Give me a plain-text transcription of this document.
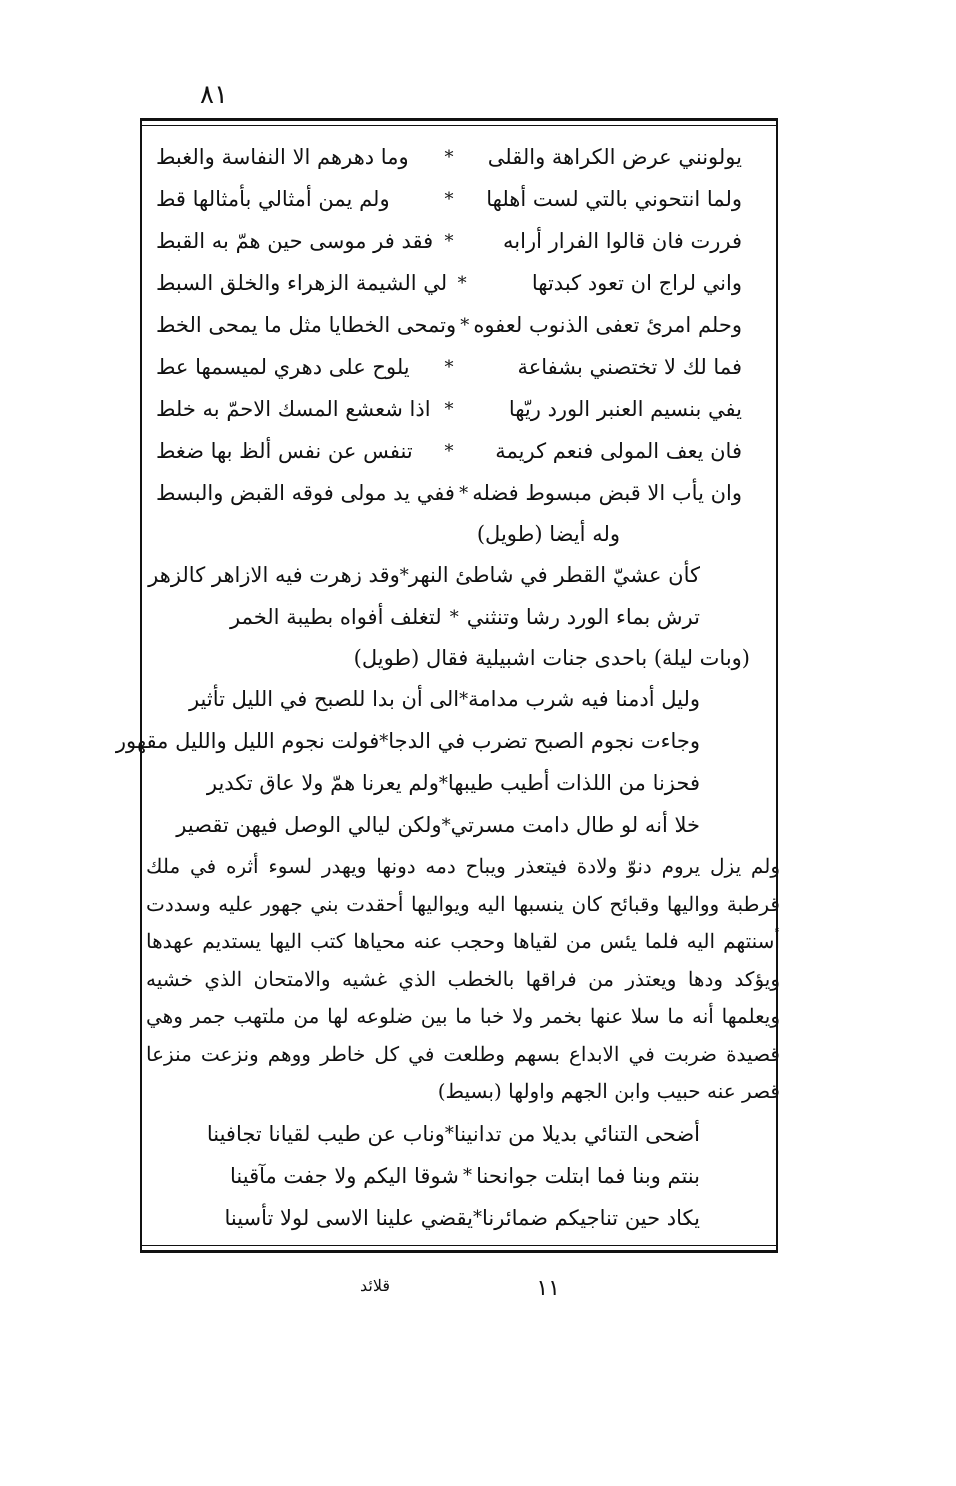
٨١
يولونني عرض الكراهة والقلى
*
وما دهرهم الا النفاسة والغبط
ولما انتحوني بالتي لست أهلها
*
ولم يمن أمثالي بأمثالها قط
فررت فان قالوا الفرار أرابه
*
فقد فر موسى حين همّ به القبط
واني لراج ان تعود كبدتها
*
لي الشيمة الزهراء والخلق السبط
وحلم امرئ تعفى الذنوب لعفوه
*
وتمحى الخطايا مثل ما يمحى الخط
فما لك لا تختصني بشفاعة
*
يلوح على دهري لميسمها عط
يفي بنسيم العنبر الورد ريّها
*
اذا شعشع المسك الاحمّ به خلط
فان يعف المولى فنعم كريمة
*
تنفس عن نفس ألظ بها ضغط
وان يأب الا قبض مبسوط فضله
*
ففي يد مولى فوقه القبض والبسط
وله أيضا (طويل)
كأن عشيّ القطر في شاطئ النهر
*
وقد زهرت فيه الازاهر كالزهر
ترش بماء الورد رشا وتنثني
*
لتغلف أفواه بطيبة الخمر
(وبات ليلة) باحدى جنات اشبيلية فقال (طويل)
وليل أدمنا فيه شرب مدامة
*
الى أن بدا للصبح في الليل تأثير
وجاءت نجوم الصبح تضرب في الدجا
*
فولت نجوم الليل والليل مقهور
فحزنا من اللذات أطيب طيبها
*
ولم يعرنا همّ ولا عاق تكدير
خلا أنه لو طال دامت مسرتي
*
ولكن ليالي الوصل فيهن تقصير
ولم يزل يروم دنوّ ولادة فيتعذر ويباح دمه دونها ويهدر لسوء أثره في ملك قرطبة وواليها وقبائح كان ينسبها اليه ويواليها أحقدت بني جهور عليه وسددت أسنتهم اليه فلما يئس من لقياها وحجب عنه محياها كتب اليها يستديم عهدها ويؤكد ودها ويعتذر من فراقها بالخطب الذي غشيه والامتحان الذي خشيه ويعلمها أنه ما سلا عنها بخمر ولا خبا ما بين ضلوعه لها من ملتهب جمر وهي قصيدة ضربت في الابداع بسهم وطلعت في كل خاطر ووهم ونزعت منزعا قصر عنه حبيب وابن الجهم واولها (بسيط)
أضحى التنائي بديلا من تدانينا
*
وناب عن طيب لقيانا تجافينا
بنتم وبنا فما ابتلت جوانحنا
*
شوقا اليكم ولا جفت مآقينا
يكاد حين تناجيكم ضمائرنا
*
يقضي علينا الاسى لولا تأسينا
١١
قلائد
